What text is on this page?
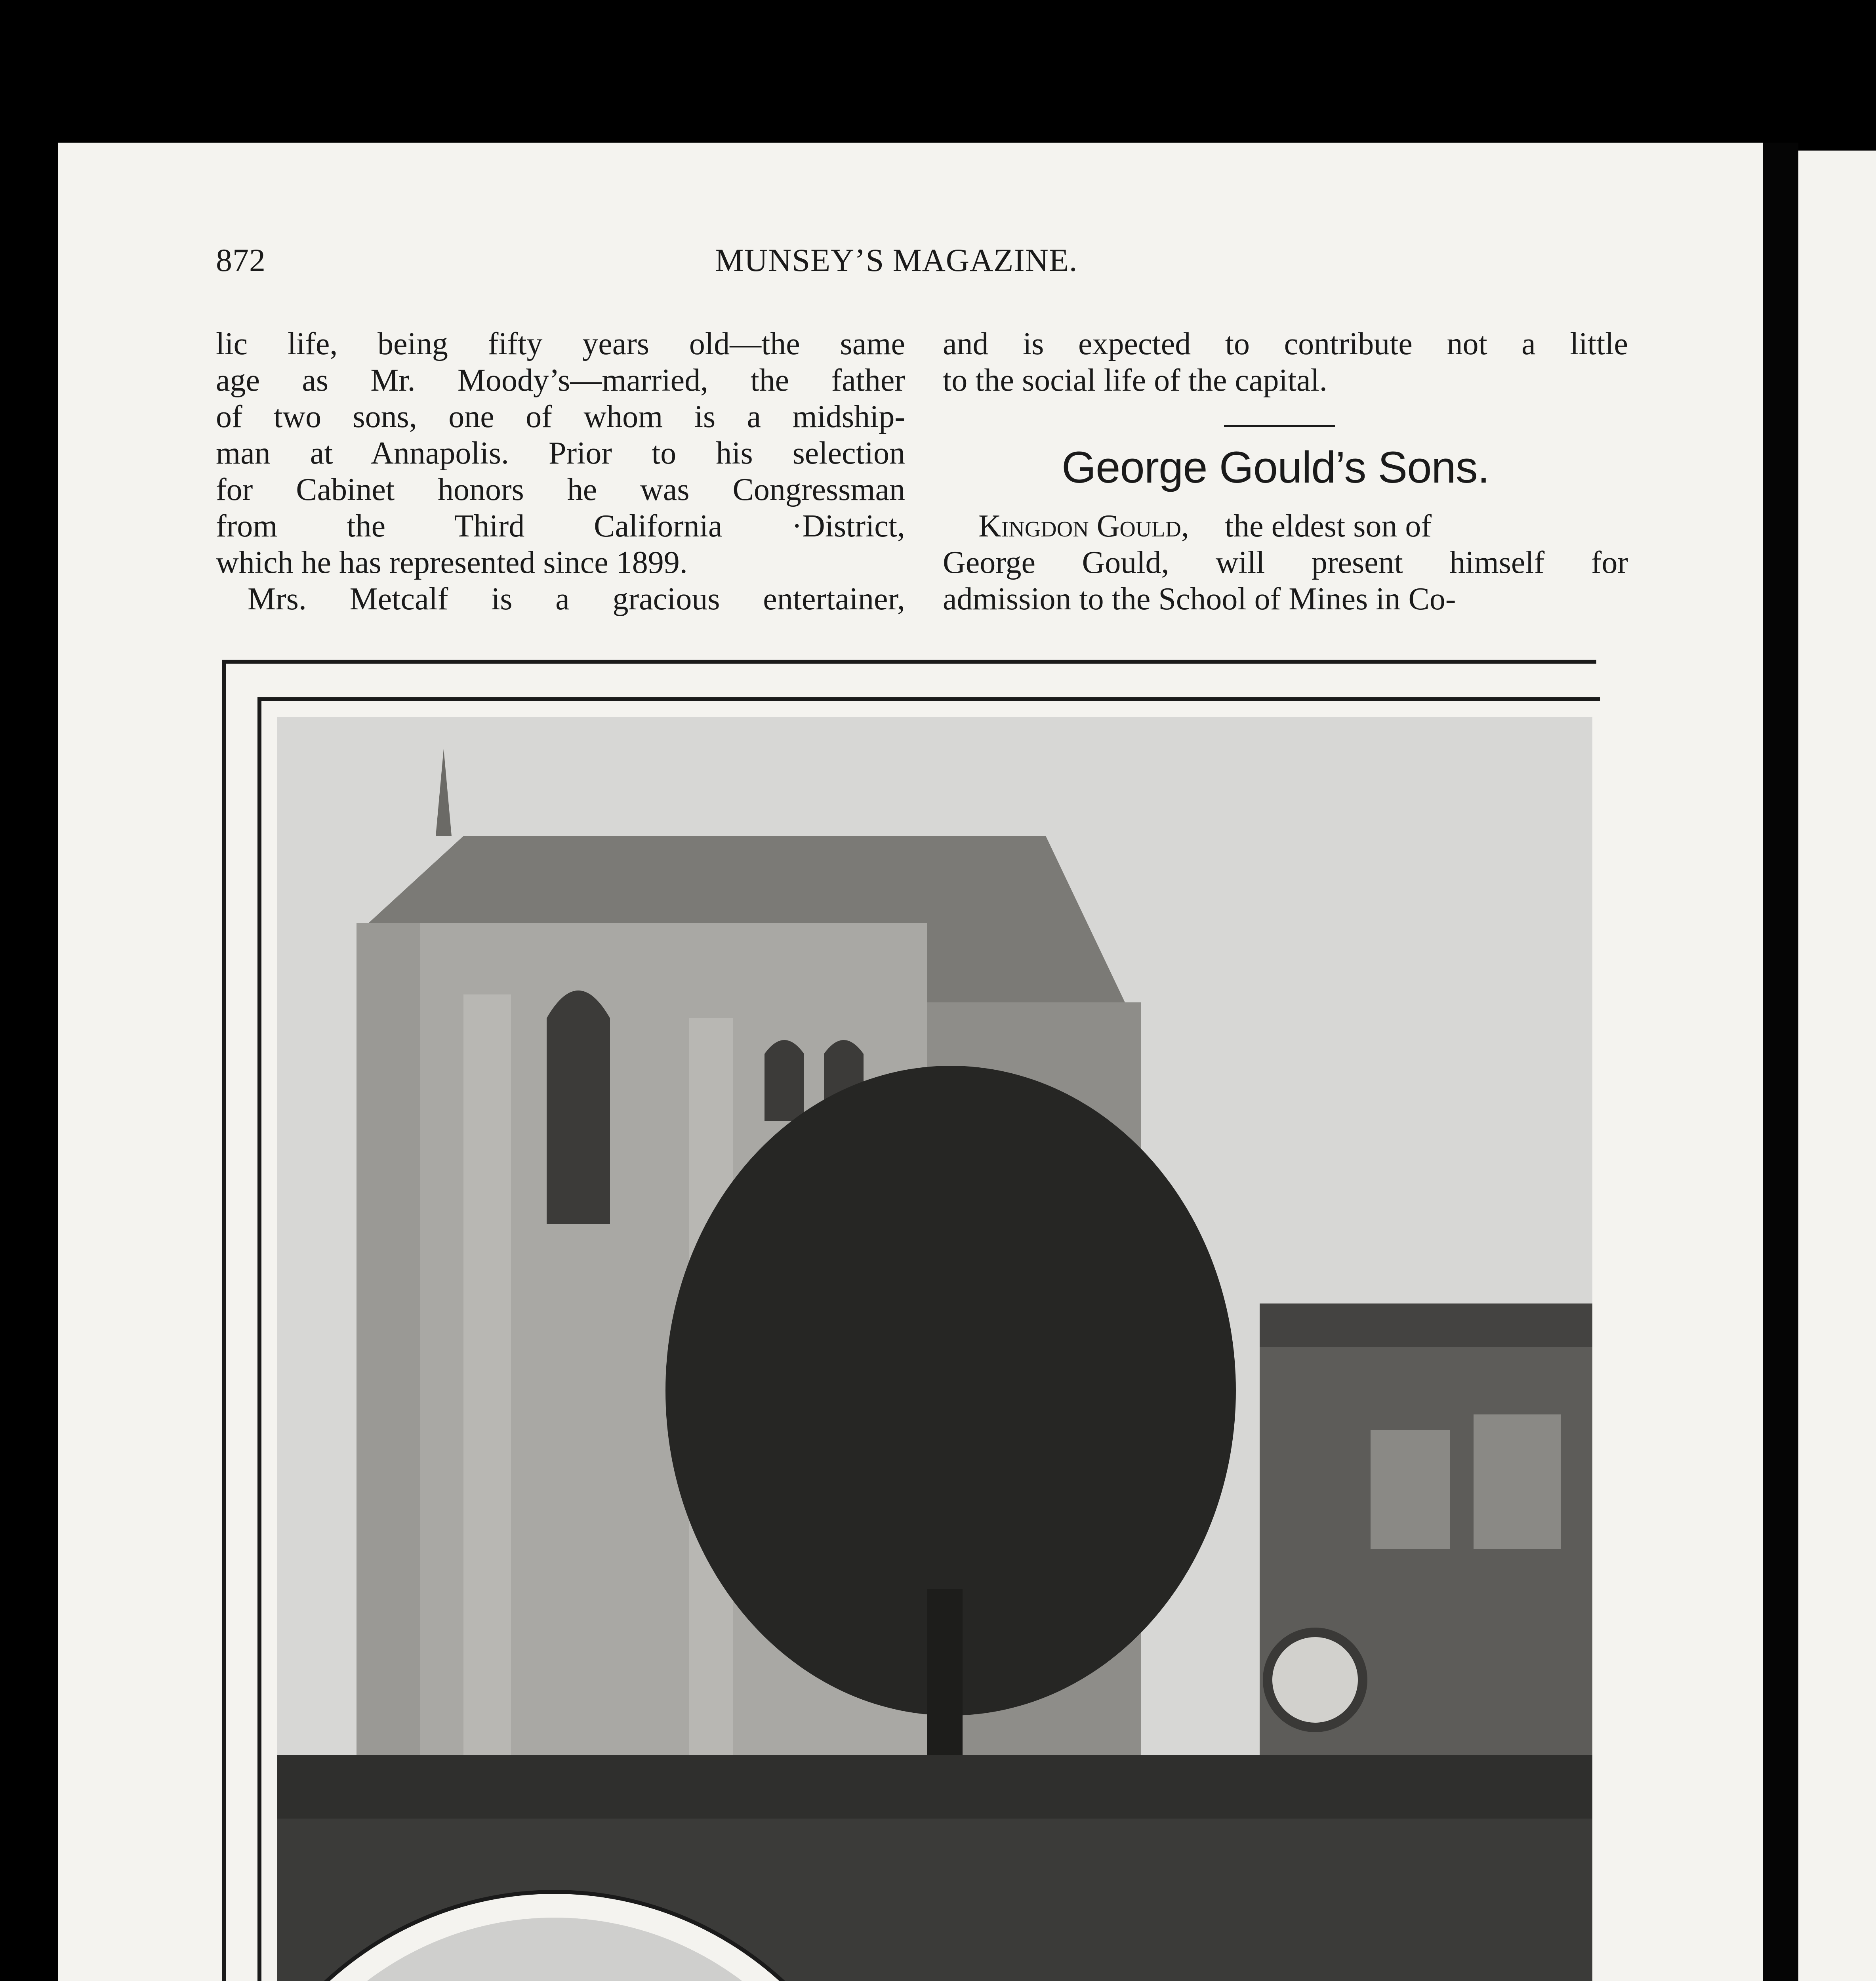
872	MUNSEY’S MAGAZINE.

lic life, being fifty years old—the same

age as Mr. Moody’s—married, the father

of two sons, one of whom is a midship-

man at Annapolis. Prior to his selection

for Cabinet honors he was Congressman

from the Third California ·District,

which he has represented since 1899.

Mrs. Metcalf is a gracious entertainer,

and is expected to contribute not a little

to the social life of the capital.

George Gould’s Sons.

Kingdon Gould, the eldest son of

George Gould, will present himself for

admission to the School of Mines in Co-
